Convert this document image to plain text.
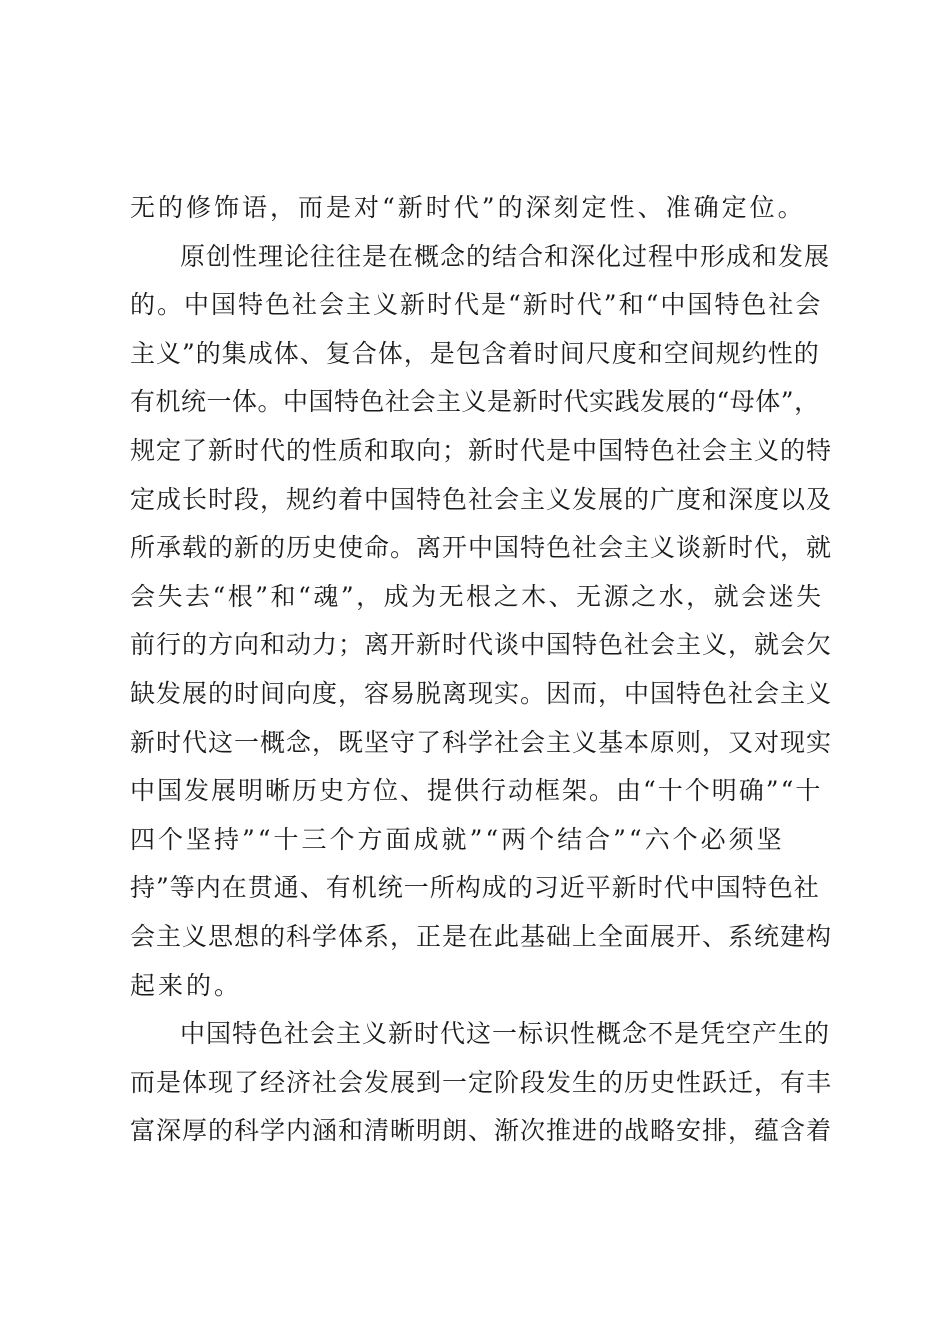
无的修饰语，而是对“新时代”的深刻定性、准确定位。
原创性理论往往是在概念的结合和深化过程中形成和发展
的。中国特色社会主义新时代是“新时代”和“中国特色社会
主义”的集成体、复合体，是包含着时间尺度和空间规约性的
有机统一体。中国特色社会主义是新时代实践发展的“母体”，
规定了新时代的性质和取向；新时代是中国特色社会主义的特
定成长时段，规约着中国特色社会主义发展的广度和深度以及
所承载的新的历史使命。离开中国特色社会主义谈新时代，就
会失去“根”和“魂”，成为无根之木、无源之水，就会迷失
前行的方向和动力；离开新时代谈中国特色社会主义，就会欠
缺发展的时间向度，容易脱离现实。因而，中国特色社会主义
新时代这一概念，既坚守了科学社会主义基本原则，又对现实
中国发展明晰历史方位、提供行动框架。由“十个明确”“十
四个坚持”“十三个方面成就”“两个结合”“六个必须坚
持”等内在贯通、有机统一所构成的习近平新时代中国特色社
会主义思想的科学体系，正是在此基础上全面展开、系统建构
起来的。
中国特色社会主义新时代这一标识性概念不是凭空产生的
而是体现了经济社会发展到一定阶段发生的历史性跃迁，有丰
富深厚的科学内涵和清晰明朗、渐次推进的战略安排，蕴含着
